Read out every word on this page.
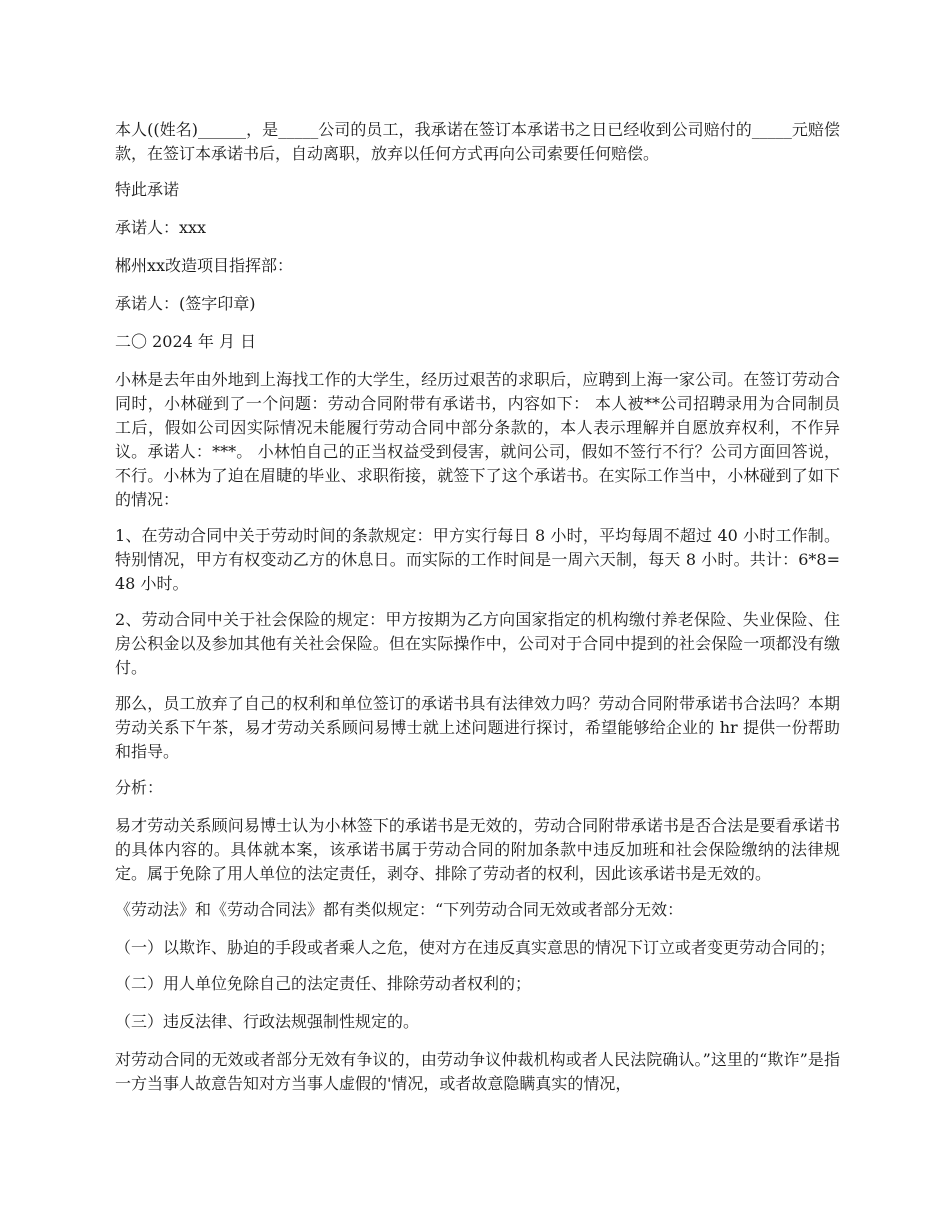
本人((姓名)______，是_____公司的员工，我承诺在签订本承诺书之日已经收到公司赔付的_____元赔偿款，在签订本承诺书后，自动离职，放弃以任何方式再向公司索要任何赔偿。

特此承诺

承诺人：xxx

郴州xx改造项目指挥部：

承诺人：(签字印章)

二〇 2024 年 月 日

小林是去年由外地到上海找工作的大学生，经历过艰苦的求职后，应聘到上海一家公司。在签订劳动合同时，小林碰到了一个问题：劳动合同附带有承诺书，内容如下： 本人被**公司招聘录用为合同制员工后，假如公司因实际情况未能履行劳动合同中部分条款的，本人表示理解并自愿放弃权利，不作异议。承诺人：***。 小林怕自己的正当权益受到侵害，就问公司，假如不签行不行？公司方面回答说，不行。小林为了迫在眉睫的毕业、求职衔接，就签下了这个承诺书。在实际工作当中，小林碰到了如下的情况：

1、在劳动合同中关于劳动时间的条款规定：甲方实行每日 8 小时，平均每周不超过 40 小时工作制。特别情况，甲方有权变动乙方的休息日。而实际的工作时间是一周六天制，每天 8 小时。共计：6*8=48 小时。

2、劳动合同中关于社会保险的规定：甲方按期为乙方向国家指定的机构缴付养老保险、失业保险、住房公积金以及参加其他有关社会保险。但在实际操作中，公司对于合同中提到的社会保险一项都没有缴付。

那么，员工放弃了自己的权利和单位签订的承诺书具有法律效力吗？劳动合同附带承诺书合法吗？本期劳动关系下午茶，易才劳动关系顾问易博士就上述问题进行探讨，希望能够给企业的 hr 提供一份帮助和指导。

分析：

易才劳动关系顾问易博士认为小林签下的承诺书是无效的，劳动合同附带承诺书是否合法是要看承诺书的具体内容的。具体就本案，该承诺书属于劳动合同的附加条款中违反加班和社会保险缴纳的法律规定。属于免除了用人单位的法定责任，剥夺、排除了劳动者的权利，因此该承诺书是无效的。

《劳动法》和《劳动合同法》都有类似规定：“下列劳动合同无效或者部分无效：

（一）以欺诈、胁迫的手段或者乘人之危，使对方在违反真实意思的情况下订立或者变更劳动合同的；

（二）用人单位免除自己的法定责任、排除劳动者权利的；

（三）违反法律、行政法规强制性规定的。

对劳动合同的无效或者部分无效有争议的，由劳动争议仲裁机构或者人民法院确认。”这里的“欺诈”是指一方当事人故意告知对方当事人虚假的'情况，或者故意隐瞒真实的情况，
